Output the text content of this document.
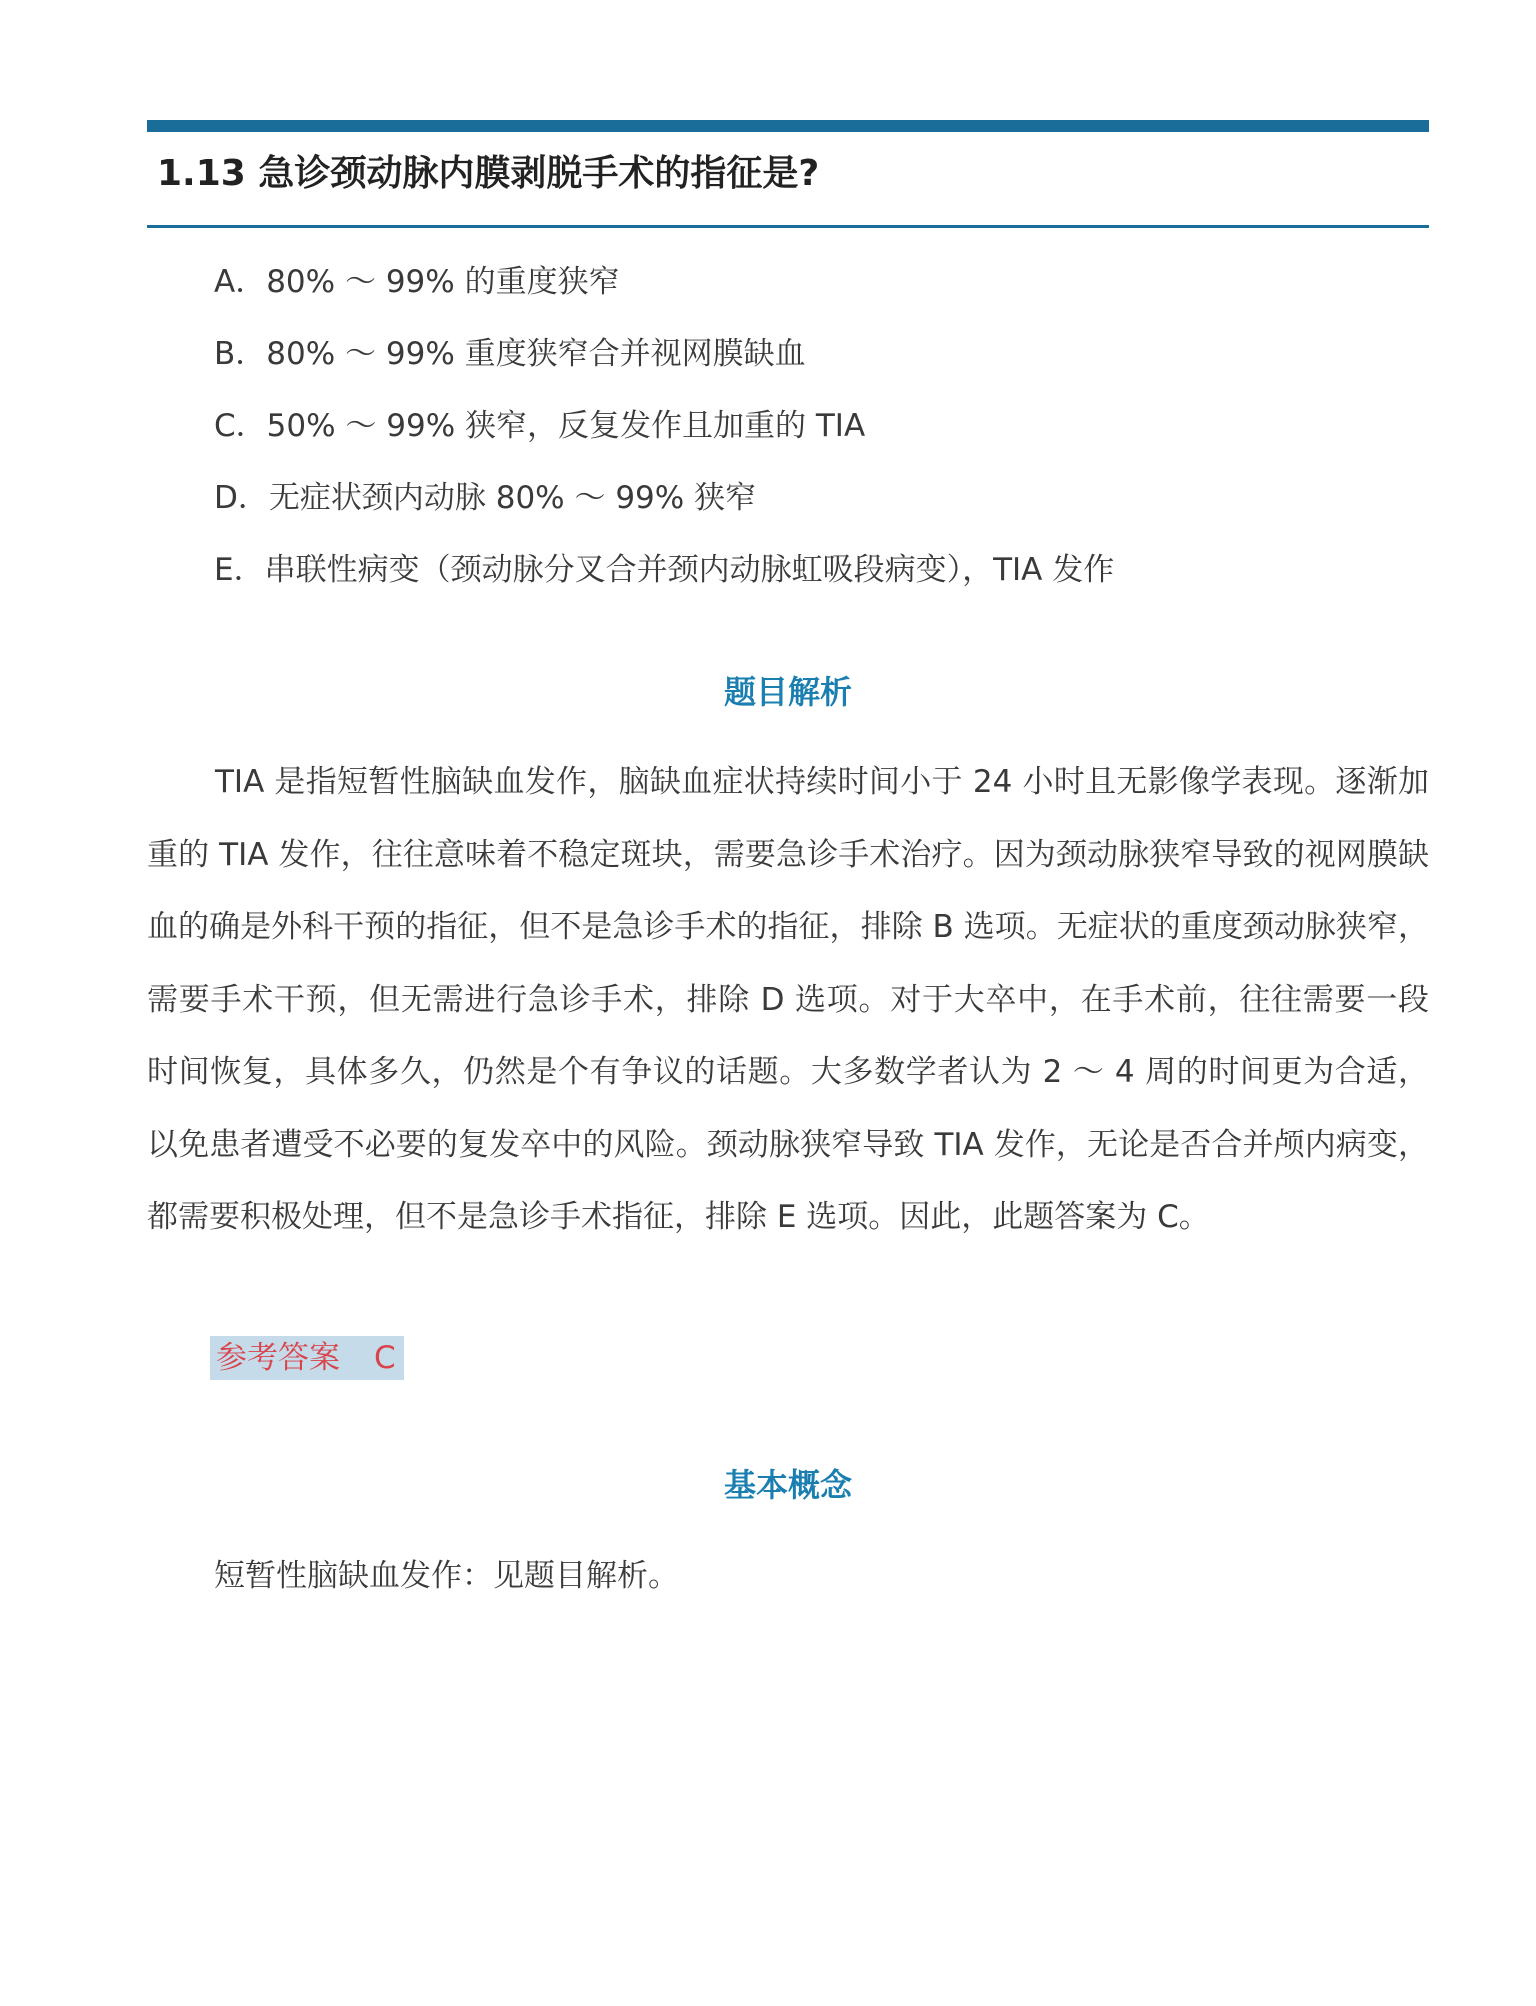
1.13 急诊颈动脉内膜剥脱手术的指征是?
A．80% ～ 99% 的重度狭窄
B．80% ～ 99% 重度狭窄合并视网膜缺血
C．50% ～ 99% 狭窄，反复发作且加重的 TIA
D．无症状颈内动脉 80% ～ 99% 狭窄
E．串联性病变（颈动脉分叉合并颈内动脉虹吸段病变），TIA 发作
题目解析

TIA 是指短暂性脑缺血发作，脑缺血症状持续时间小于 24 小时且无影像学表现。逐渐加重的 TIA 发作，往往意味着不稳定斑块，需要急诊手术治疗。因为颈动脉狭窄导致的视网膜缺血的确是外科干预的指征，但不是急诊手术的指征，排除 B 选项。无症状的重度颈动脉狭窄，需要手术干预，但无需进行急诊手术，排除 D 选项。对于大卒中，在手术前，往往需要一段时间恢复，具体多久，仍然是个有争议的话题。大多数学者认为 2 ～ 4 周的时间更为合适，以免患者遭受不必要的复发卒中的风险。颈动脉狭窄导致 TIA 发作，无论是否合并颅内病变，都需要积极处理，但不是急诊手术指征，排除 E 选项。因此，此题答案为 C。

参考答案 C
基本概念

短暂性脑缺血发作：见题目解析。
